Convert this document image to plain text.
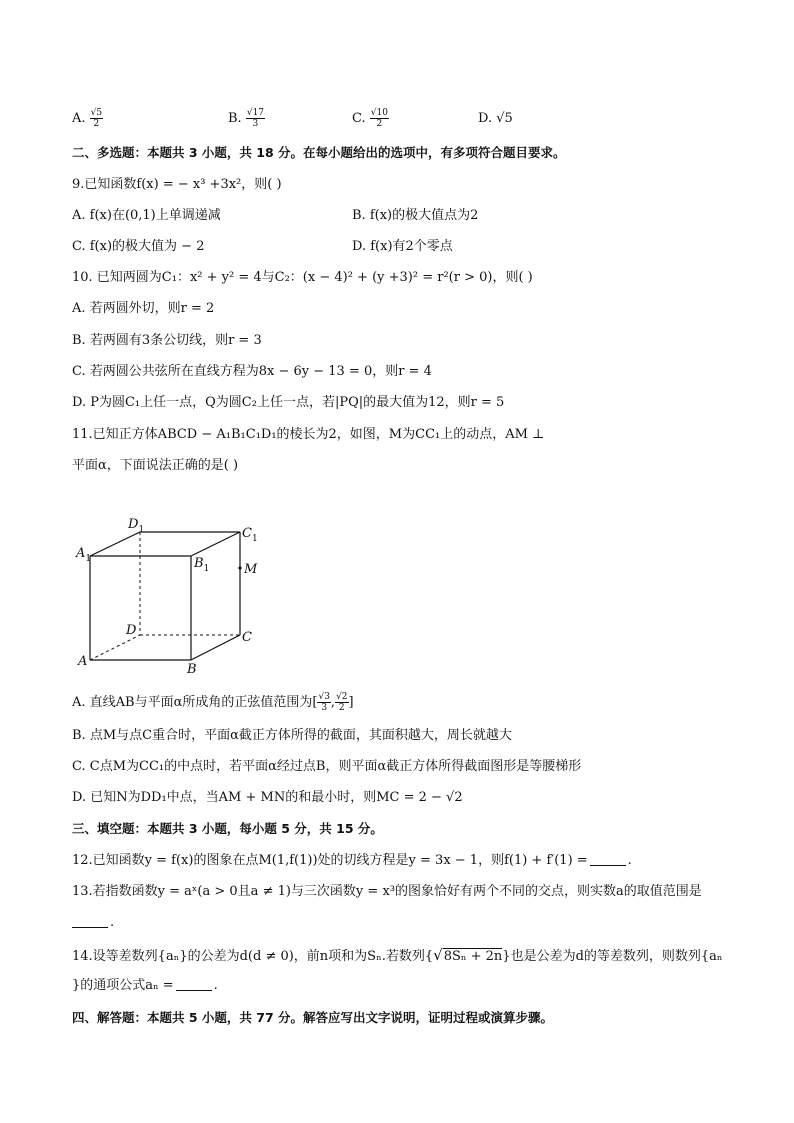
A. $\frac{√5}{2}$	B. $\frac{√17}{3}$	C. $\frac{√10}{2}$	D. √5
二、多选题：本题共 3 小题，共 18 分。在每小题给出的选项中，有多项符合题目要求。
9.已知函数f(x) = − x³ +3x²，则( )
A. f(x)在(0,1)上单调递减	B. f(x)的极大值点为2
C. f(x)的极大值为 − 2	D. f(x)有2个零点
10. 已知两圆为C₁：x² + y² = 4与C₂：(x − 4)² + (y +3)² = r²(r > 0)，则( )
A. 若两圆外切，则r = 2
B. 若两圆有3条公切线，则r = 3
C. 若两圆公共弦所在直线方程为8x − 6y − 13 = 0，则r = 4
D. P为圆C₁上任一点，Q为圆C₂上任一点，若|PQ|的最大值为12，则r = 5
11.已知正方体ABCD − A₁B₁C₁D₁的棱长为2，如图，M为CC₁上的动点，AM ⊥
平面α，下面说法正确的是( )
$A_1$
$D_1$	$C_1$
$B_1$	M
D	C
A
B
A. 直线AB与平面α所成角的正弦值范围为[ $\frac{√3}{3}$ , $\frac{√2}{2}$ ]
B. 点M与点C重合时，平面α截正方体所得的截面，其面积越大，周长就越大
C. C点M为CC₁的中点时，若平面α经过点B，则平面α截正方体所得截面图形是等腰梯形
D. 已知N为DD₁中点，当AM + MN的和最小时，则MC = 2 − √2
三、填空题：本题共 3 小题，每小题 5 分，共 15 分。
12.已知函数y = f(x)的图象在点M(1,f(1))处的切线方程是y = 3x − 1，则f(1) + f′(1) =	.
13.若指数函数y = aˣ(a > 0且a ≠ 1)与三次函数y = x³的图象恰好有两个不同的交点，则实数a的取值范围是
.
14.设等差数列{aₙ}的公差为d(d ≠ 0)，前n项和为Sₙ.若数列{√8Sₙ + 2n}也是公差为d的等差数列，则数列{aₙ
}的通项公式aₙ =	.
四、解答题：本题共 5 小题，共 77 分。解答应写出文字说明，证明过程或演算步骤。
